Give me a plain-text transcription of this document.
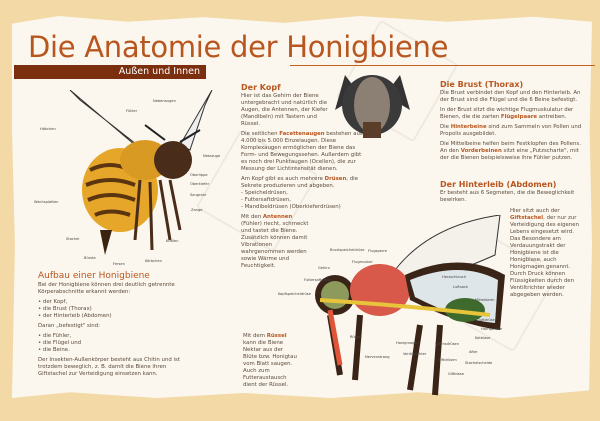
Die Anatomie der Honigbiene
Außen und Innen
Häkchen
Fühler
Nebenaugen
Netzauge
Oberlippe
Oberkiefer
Saugrohr
Zange
Wachsplatten
Stachel
Bürste
Fersen
Körbchen
Krallen
Brustspeicheldrüse Flugsperre
Flugmuskel
Gehirn
Futtersaftdrüse
Kopfspeicheldrüse
Rüssel
Nervenstrang
Honigmagen
Ventiltrichter
Herzschlauch
Luftsack
Mitteldarm
Duftdrüse
Harngefäße
Kotblase
After
Stachelscheide
Wachsdrüsen
Giftdrüsen
Giftblase
Der Kopf

Hier ist das Gehirn der Biene untergebracht und natürlich die Augen, die Antennen, der Kiefer (Mandibeln) mit Tastern und Rüssel.

Die seitlichen Facettenaugen bestehen aus 4.000 bis 5.000 Einzelaugen. Diese Komplexaugen ermöglichen der Biene das Form- und Bewegungssehen. Außerdem gibt es noch drei Punktaugen (Ocellen), die zur Messung der Lichtintensität dienen.

Am Kopf gibt es auch mehrere Drüsen, die Sekrete produzieren und abgeben.
- Speicheldrüsen,
- Futtersaftdrüsen,
- Mandibeldrüsen (Oberkieferdrüsen)

Mit den Antennen (Fühler) riecht, schmeckt und tastet die Biene. Zusätzlich können damit Vibrationen wahrgenommen werden sowie Wärme und Feuchtigkeit.

Mit dem Rüssel kann die Biene Nektar aus der Blüte bzw. Honigtau vom Blatt saugen. Auch zum Futteraustausch dient der Rüssel.

Die Brust (Thorax)

Die Brust verbindet den Kopf und den Hinterleib. An der Brust sind die Flügel und die 6 Beine befestigt.

In der Brust sitzt die wichtige Flugmuskulatur der Bienen, die die zarten Flügelpaare antreiben.

Die Hinterbeine sind zum Sammeln von Pollen und Propolis ausgebildet.

Die Mittelbeine helfen beim Festklopfen des Pollens. An den Vorderbeinen sitzt eine „Putzscharte", mit der die Bienen beispielsweise ihre Fühler putzen.

Der Hinterleib (Abdomen)

Er besteht aus 6 Segmeten, die die Beweglichkeit bewirken.

Hier sitzt auch der Giftstachel, der nur zur Verteidigung des eigenen Lebens eingesetzt wird. Das Besondere am Verdauungstrakt der Honigbiene ist die Honigblase, auch Honigmagen genannt. Durch Druck können Flüssigkeiten durch den Ventiltrichter wieder abgegeben werden.

Aufbau einer Honigbiene

Bei der Honigbiene können drei deutlich getrennte Körperabschnitte erkannt werden:

• der Kopf,
• die Brust (Thorax)
• der Hinterleib (Abdomen)

Daran „befestigt" sind:

• die Fühler,
• die Flügel und
• die Beine.

Der Insekten-Außenkörper besteht aus Chitin und ist trotzdem beweglich, z. B. damit die Biene ihren Giftstachel zur Verteidigung einsetzen kann.
